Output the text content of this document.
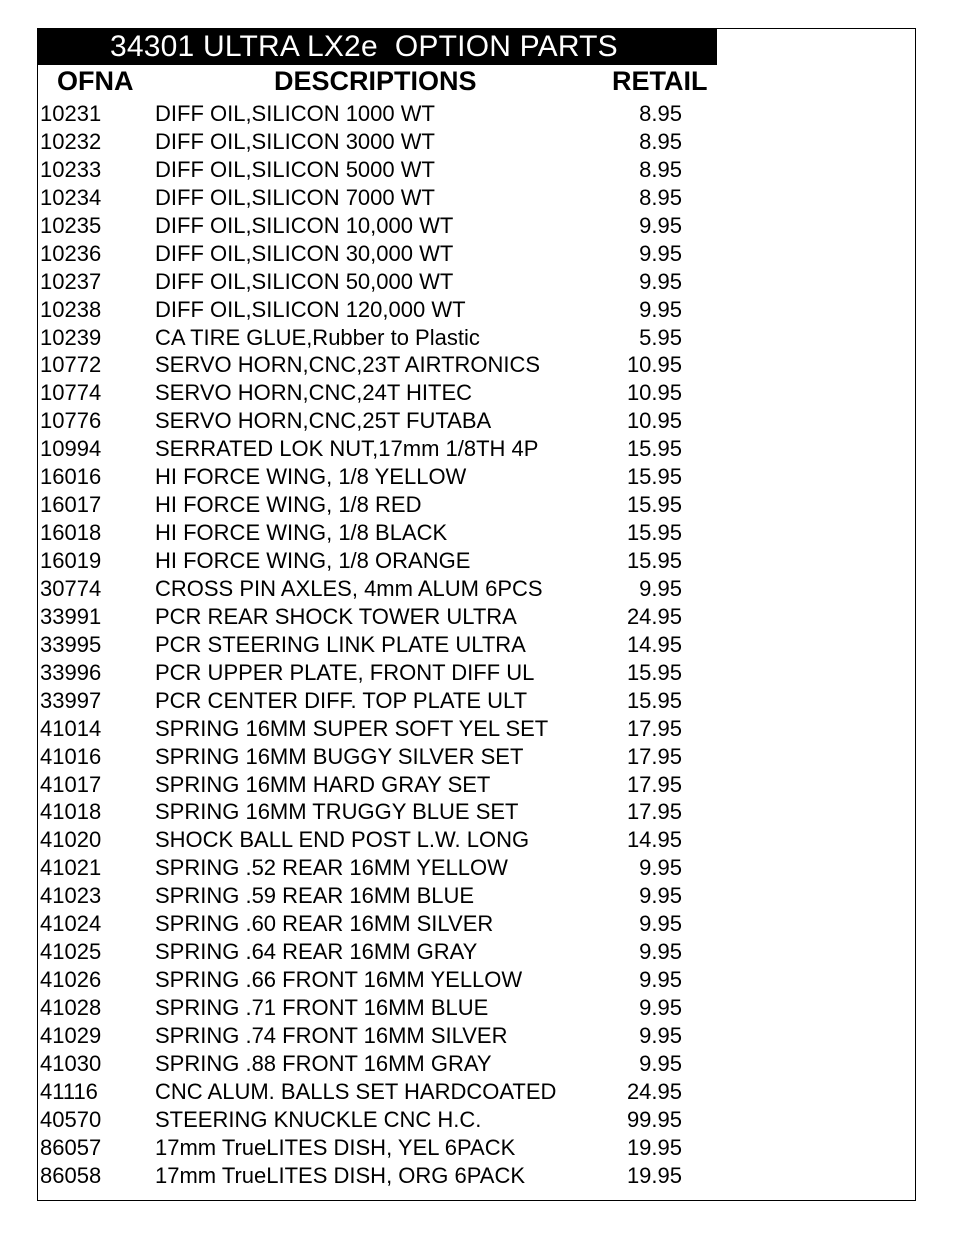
34301 ULTRA LX2e  OPTION PARTS
OFNA	DESCRIPTIONS	RETAIL
10231 DIFF OIL,SILICON 1000 WT	8.95
10232 DIFF OIL,SILICON 3000 WT	8.95
10233 DIFF OIL,SILICON 5000 WT	8.95
10234 DIFF OIL,SILICON 7000 WT	8.95
10235 DIFF OIL,SILICON 10,000 WT	9.95
10236 DIFF OIL,SILICON 30,000 WT	9.95
10237 DIFF OIL,SILICON 50,000 WT	9.95
10238 DIFF OIL,SILICON 120,000 WT	9.95
10239 CA TIRE GLUE,Rubber to Plastic	5.95
10772 SERVO HORN,CNC,23T AIRTRONICS	10.95
10774 SERVO HORN,CNC,24T HITEC	10.95
10776 SERVO HORN,CNC,25T FUTABA	10.95
10994 SERRATED LOK NUT,17mm 1/8TH 4P	15.95
16016 HI FORCE WING, 1/8 YELLOW	15.95
16017 HI FORCE WING, 1/8 RED	15.95
16018 HI FORCE WING, 1/8 BLACK	15.95
16019 HI FORCE WING, 1/8 ORANGE	15.95
30774 CROSS PIN AXLES, 4mm ALUM 6PCS	9.95
33991 PCR REAR SHOCK TOWER ULTRA	24.95
33995 PCR STEERING LINK PLATE ULTRA	14.95
33996 PCR UPPER PLATE, FRONT DIFF UL	15.95
33997 PCR CENTER DIFF. TOP PLATE ULT	15.95
41014 SPRING 16MM SUPER SOFT YEL SET	17.95
41016 SPRING 16MM BUGGY SILVER SET	17.95
41017 SPRING 16MM HARD GRAY SET	17.95
41018 SPRING 16MM TRUGGY BLUE SET	17.95
41020 SHOCK BALL END POST L.W. LONG	14.95
41021 SPRING .52 REAR 16MM YELLOW	9.95
41023 SPRING .59 REAR 16MM BLUE	9.95
41024 SPRING .60 REAR 16MM SILVER	9.95
41025 SPRING .64 REAR 16MM GRAY	9.95
41026 SPRING .66 FRONT 16MM YELLOW	9.95
41028 SPRING .71 FRONT 16MM BLUE	9.95
41029 SPRING .74 FRONT 16MM SILVER	9.95
41030 SPRING .88 FRONT 16MM GRAY	9.95
41116	CNC ALUM. BALLS SET HARDCOATED	24.95
40570 STEERING KNUCKLE CNC H.C.	99.95
86057 17mm TrueLITES DISH, YEL 6PACK	19.95
86058 17mm TrueLITES DISH, ORG 6PACK	19.95
